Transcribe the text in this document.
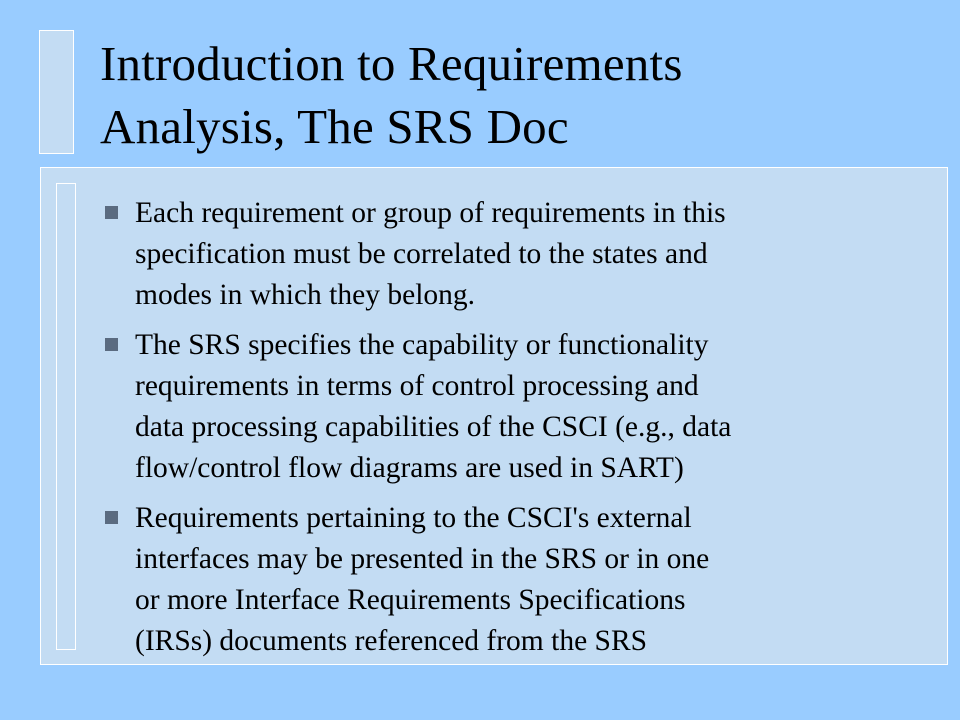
Introduction to Requirements
Analysis, The SRS Doc
Each requirement or group of requirements in this
specification must be correlated to the states and
modes in which they belong.
The SRS specifies the capability or functionality
requirements in terms of control processing and
data processing capabilities of the CSCI (e.g., data
flow/control flow diagrams are used in SART)
Requirements pertaining to the CSCI's external
interfaces may be presented in the SRS or in one
or more Interface Requirements Specifications
(IRSs) documents referenced from the SRS
